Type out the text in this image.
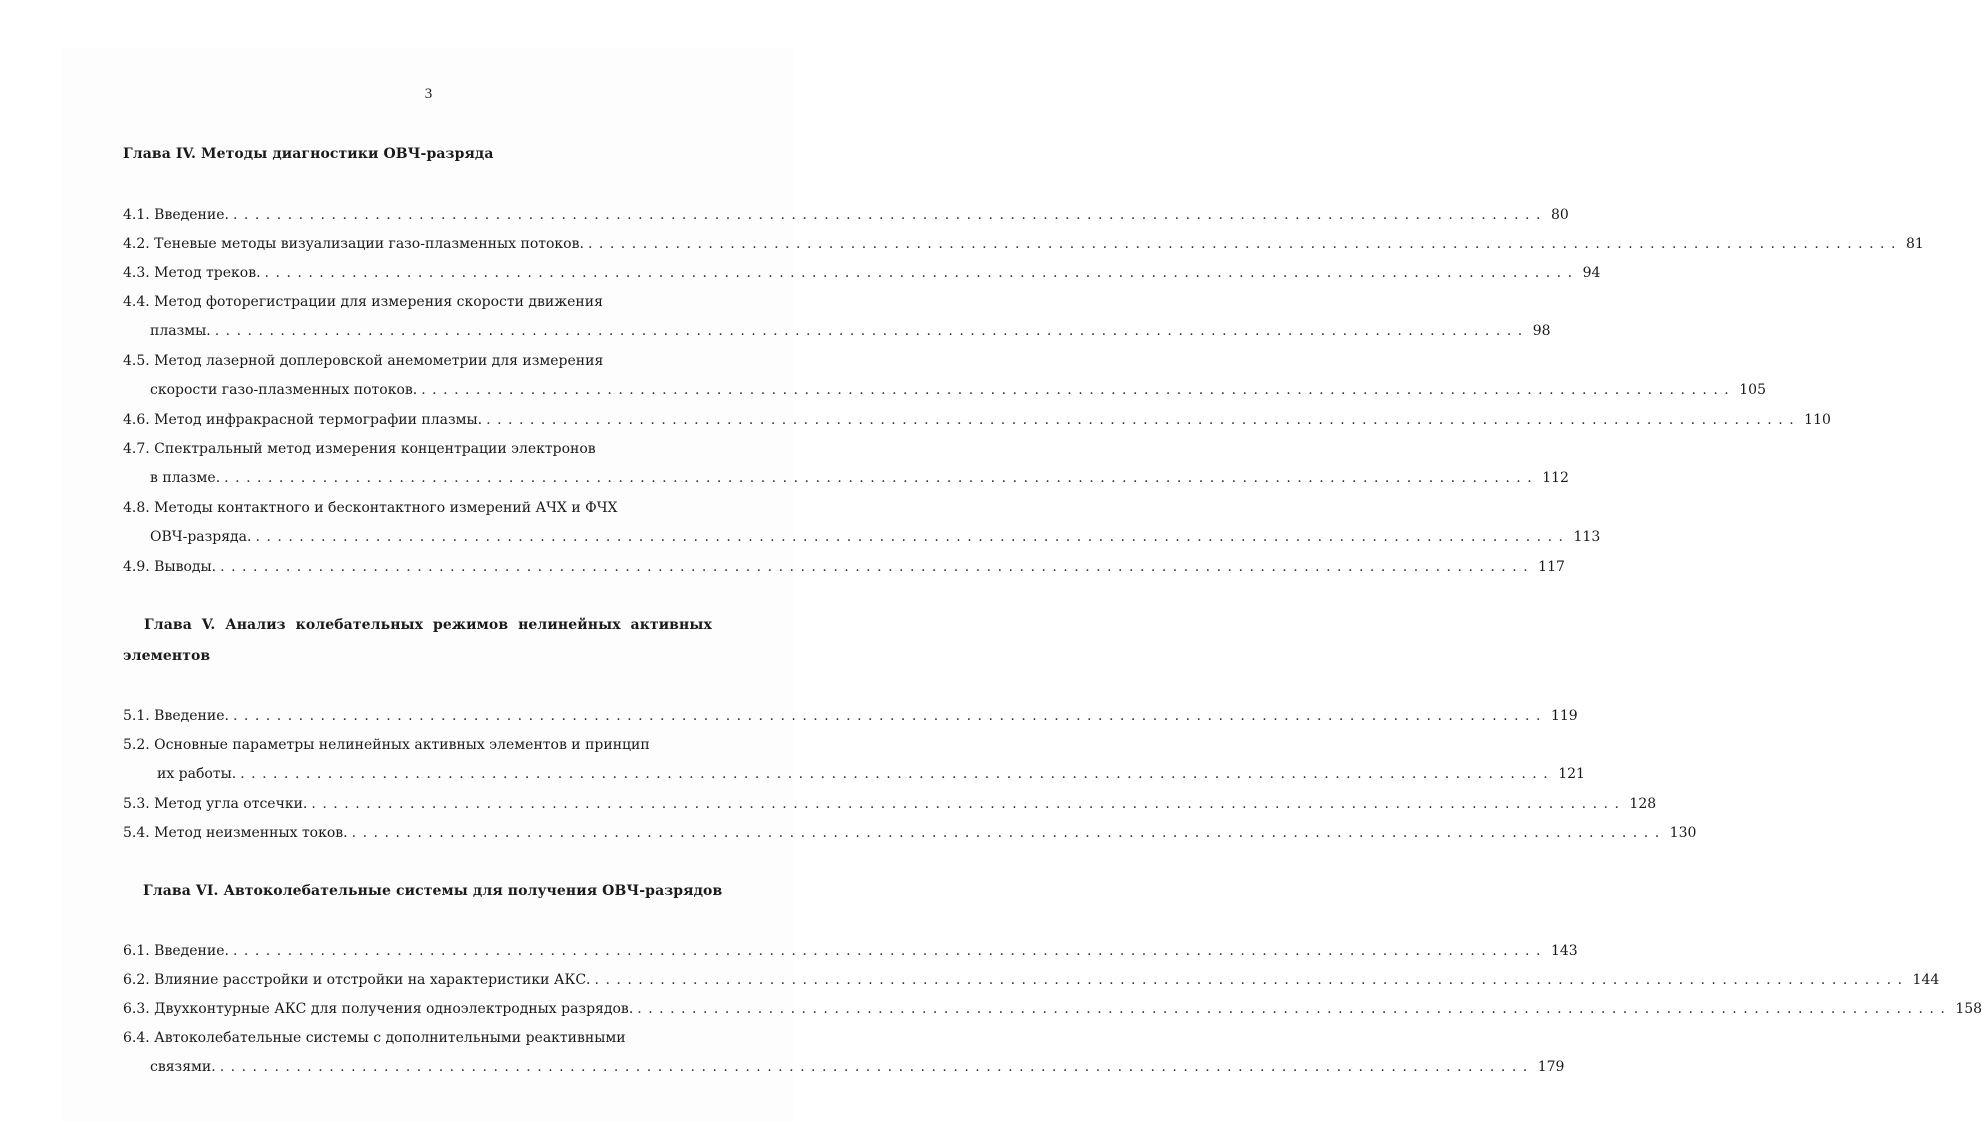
3
Глава IV. Методы диагностики ОВЧ-разряда
4.1. Введение. ........................................................................................................................ 80
4.2. Теневые методы визуализации газо-плазменных потоков. ........................................................................................................................ 81
4.3. Метод треков. ........................................................................................................................ 94
4.4. Метод фоторегистрации для измерения скорости движения
плазмы. ........................................................................................................................ 98
4.5. Метод лазерной доплеровской анемометрии для измерения
скорости газо-плазменных потоков. ........................................................................................................................ 105
4.6. Метод инфракрасной термографии плазмы. ........................................................................................................................ 110
4.7. Спектральный метод измерения концентрации электронов
в плазме. ........................................................................................................................ 112
4.8. Методы контактного и бесконтактного измерений АЧХ и ФЧХ
ОВЧ-разряда. ........................................................................................................................ 113
4.9. Выводы. ........................................................................................................................ 117
Глава V. Анализ колебательных режимов нелинейных активных
элементов
5.1. Введение. ........................................................................................................................ 119
5.2. Основные параметры нелинейных активных элементов и принцип
их работы. ........................................................................................................................ 121
5.3. Метод угла отсечки. ........................................................................................................................ 128
5.4. Метод неизменных токов. ........................................................................................................................ 130
Глава VI. Автоколебательные системы для получения ОВЧ-разрядов
6.1. Введение. ........................................................................................................................ 143
6.2. Влияние расстройки и отстройки на характеристики АКС. ........................................................................................................................ 144
6.3. Двухконтурные АКС для получения одноэлектродных разрядов. ........................................................................................................................ 158
6.4. Автоколебательные системы с дополнительными реактивными
связями. ........................................................................................................................ 179
